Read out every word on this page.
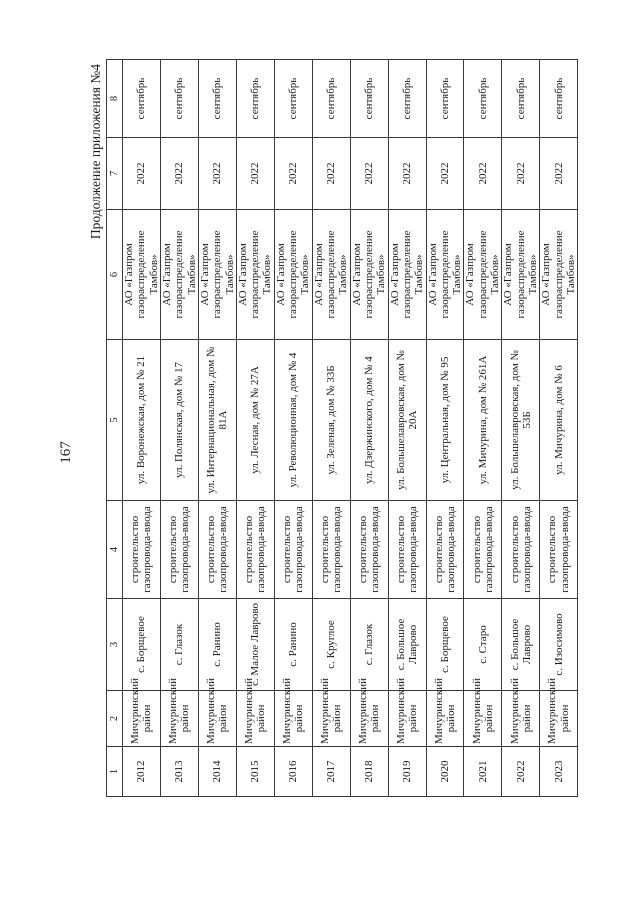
167
Продолжение приложения №4
1	2	3	4	5	6	7	8
2012	Мичуринский район	с. Борщевое	строительство газопровода-ввода	ул. Воронежская, дом № 21	АО «Газпром газораспределение Тамбов»	2022	сентябрь
2013	Мичуринский район	с. Глазок	строительство газопровода-ввода	ул. Полянская, дом № 17	АО «Газпром газораспределение Тамбов»	2022	сентябрь
2014	Мичуринский район	с. Ранино	строительство газопровода-ввода	ул. Интернациональная, дом № 81А	АО «Газпром газораспределение Тамбов»	2022	сентябрь
2015	Мичуринский район	с. Малое Лаврово	строительство газопровода-ввода	ул. Лесная, дом № 27А	АО «Газпром газораспределение Тамбов»	2022	сентябрь
2016	Мичуринский район	с. Ранино	строительство газопровода-ввода	ул. Революционная, дом № 4	АО «Газпром газораспределение Тамбов»	2022	сентябрь
2017	Мичуринский район	с. Круглое	строительство газопровода-ввода	ул. Зеленая, дом № 33Б	АО «Газпром газораспределение Тамбов»	2022	сентябрь
2018	Мичуринский район	с. Глазок	строительство газопровода-ввода	ул. Дзержинского, дом № 4	АО «Газпром газораспределение Тамбов»	2022	сентябрь
2019	Мичуринский район	с. Большое Лаврово	строительство газопровода-ввода	ул. Большелавровская, дом № 20А	АО «Газпром газораспределение Тамбов»	2022	сентябрь
2020	Мичуринский район	с. Борщевое	строительство газопровода-ввода	ул. Центральная, дом № 95	АО «Газпром газораспределение Тамбов»	2022	сентябрь
2021	Мичуринский район	с. Старо	строительство газопровода-ввода	ул. Мичурина, дом № 261А	АО «Газпром газораспределение Тамбов»	2022	сентябрь
2022	Мичуринский район	с. Большое Лаврово	строительство газопровода-ввода	ул. Большелавровская, дом № 53Б	АО «Газпром газораспределение Тамбов»	2022	сентябрь
2023	Мичуринский район	с. Изосимово	строительство газопровода-ввода	ул. Мичурина, дом № 6	АО «Газпром газораспределение Тамбов»	2022	сентябрь
